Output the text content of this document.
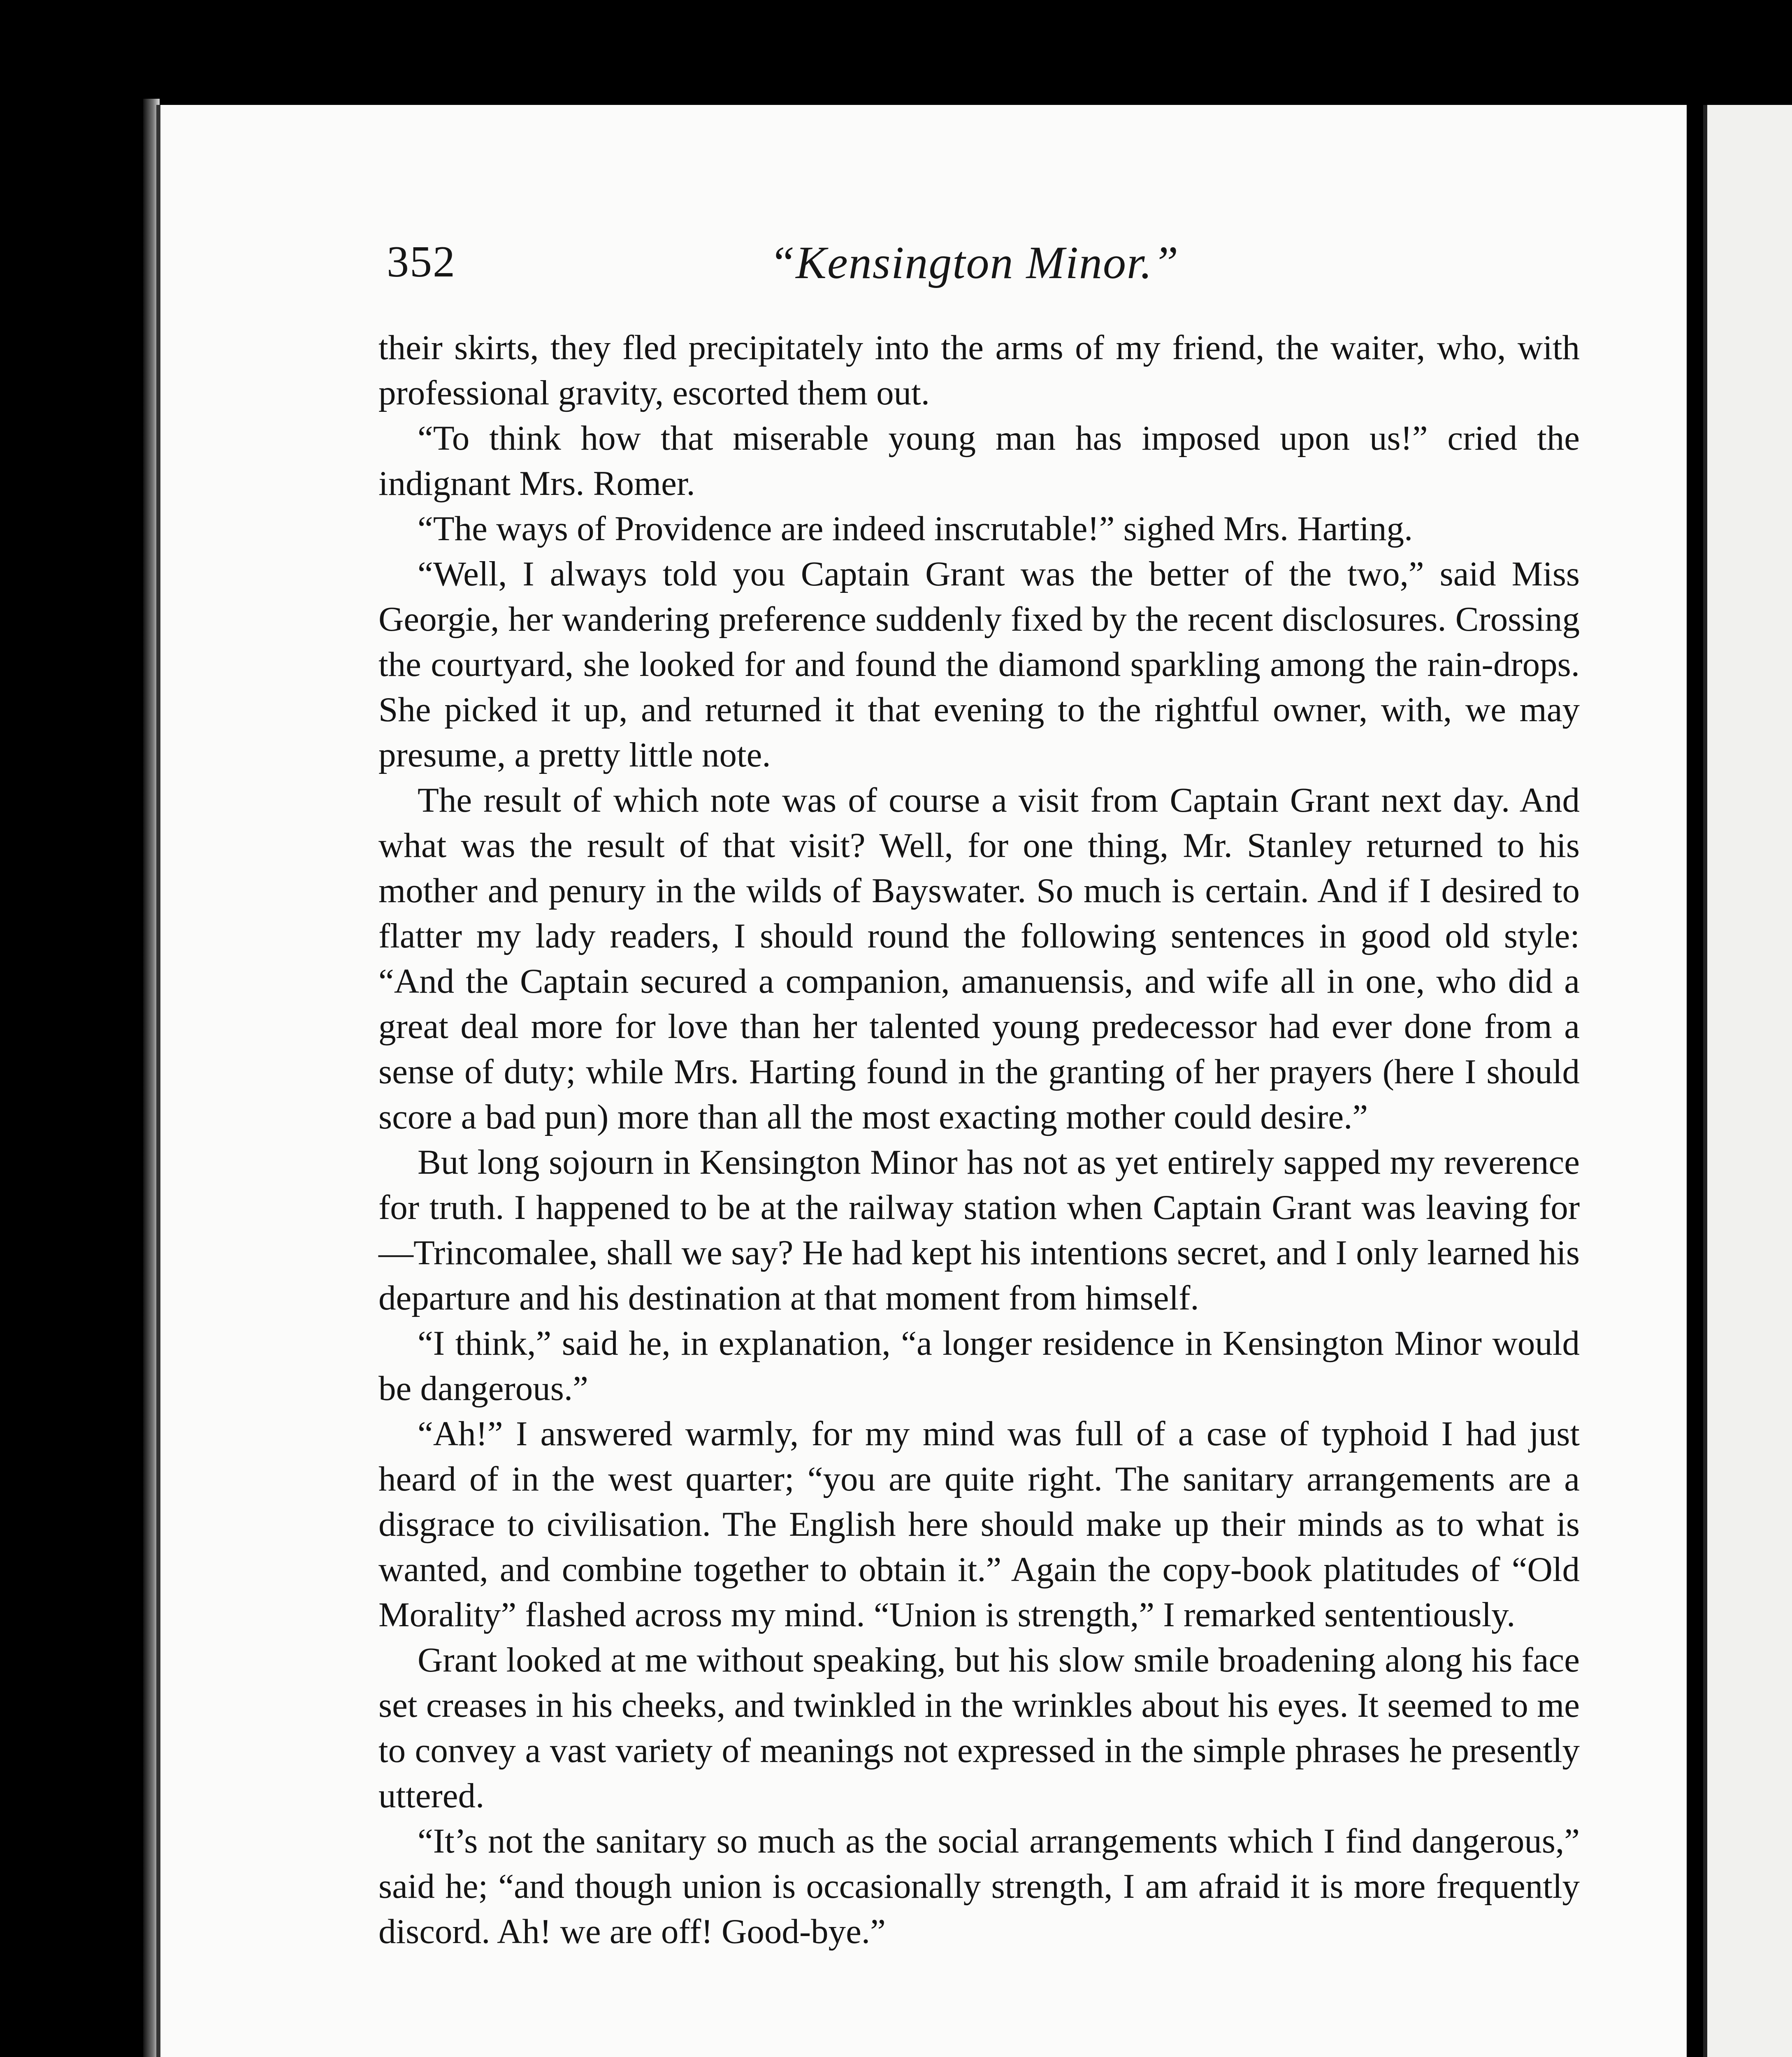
352	“Kensington Minor.”

their skirts, they fled precipitately into the arms of my friend, the waiter, who, with professional gravity, escorted them out.

“To think how that miserable young man has imposed upon us!” cried the indignant Mrs. Romer.

“The ways of Providence are indeed inscrutable!” sighed Mrs. Harting.

“Well, I always told you Captain Grant was the better of the two,” said Miss Georgie, her wandering preference suddenly fixed by the recent disclosures. Crossing the courtyard, she looked for and found the diamond sparkling among the rain-drops. She picked it up, and returned it that evening to the rightful owner, with, we may presume, a pretty little note.

The result of which note was of course a visit from Captain Grant next day. And what was the result of that visit? Well, for one thing, Mr. Stanley returned to his mother and penury in the wilds of Bayswater. So much is certain. And if I desired to flatter my lady readers, I should round the following sentences in good old style: “And the Captain secured a companion, amanuensis, and wife all in one, who did a great deal more for love than her talented young predecessor had ever done from a sense of duty; while Mrs. Harting found in the granting of her prayers (here I should score a bad pun) more than all the most exacting mother could desire.”

But long sojourn in Kensington Minor has not as yet entirely sapped my reverence for truth. I happened to be at the railway station when Captain Grant was leaving for—Trincomalee, shall we say? He had kept his intentions secret, and I only learned his departure and his destination at that moment from himself.

“I think,” said he, in explanation, “a longer residence in Kensington Minor would be dangerous.”

“Ah!” I answered warmly, for my mind was full of a case of typhoid I had just heard of in the west quarter; “you are quite right. The sanitary arrangements are a disgrace to civilisation. The English here should make up their minds as to what is wanted, and combine together to obtain it.” Again the copy-book platitudes of “Old Morality” flashed across my mind. “Union is strength,” I remarked sententiously.

Grant looked at me without speaking, but his slow smile broadening along his face set creases in his cheeks, and twinkled in the wrinkles about his eyes. It seemed to me to convey a vast variety of meanings not expressed in the simple phrases he presently uttered.

“It’s not the sanitary so much as the social arrangements which I find dangerous,” said he; “and though union is occasionally strength, I am afraid it is more frequently discord. Ah! we are off! Good-bye.”
